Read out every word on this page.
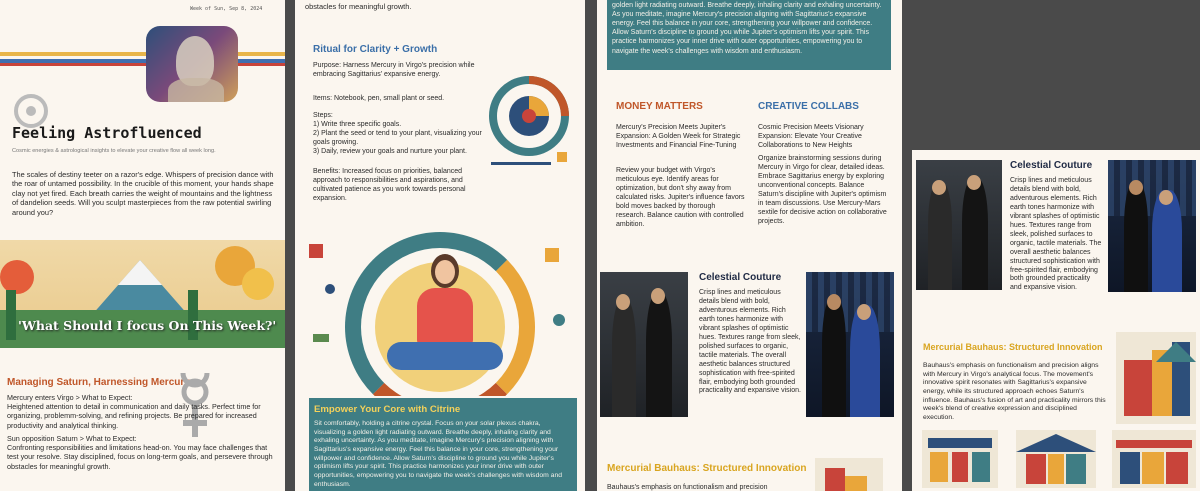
Week of Sun, Sep 8, 2024
Feeling Astrofluenced
Cosmic energies & astrological insights to elevate your creative flow all week long.
The scales of destiny teeter on a razor's edge. Whispers of precision dance with the roar of untamed possibility. In the crucible of this moment, your hands shape clay not yet fired. Each breath carries the weight of mountains and the lightness of dandelion seeds. Will you sculpt masterpieces from the raw potential swirling around you?
'What Should I focus On This Week?'
Managing Saturn, Harnessing Mercury
Mercury enters Virgo > What to Expect:
Heightened attention to detail in communication and daily tasks. Perfect time for organizing, problemm-solving, and refining projects. Be prepared for increased productivity and analytical thinking.
Sun opposition Saturn > What to Expect:
Confronting responsibilities and limitations head-on. You may face challenges that test your resolve. Stay disciplined, focus on long-term goals, and persevere through obstacles for meaningful growth.
obstacles for meaningful growth.
Ritual for Clarity + Growth
Purpose: Harness Mercury in Virgo's precision while embracing Sagittarius' expansive energy.
Items: Notebook, pen, small plant or seed.
Steps:
1) Write three specific goals.
2) Plant the seed or tend to your plant, visualizing your goals growing.
3) Daily, review your goals and nurture your plant.
Benefits: Increased focus on priorities, balanced approach to responsibilities and aspirations, and cultivated patience as you work towards personal expansion.
Empower Your Core with Citrine
Sit comfortably, holding a citrine crystal. Focus on your solar plexus chakra, visualizing a golden light radiating outward. Breathe deeply, inhaling clarity and exhaling uncertainty. As you meditate, imagine Mercury's precision aligning with Sagittarius's expansive energy. Feel this balance in your core, strengthening your willpower and confidence. Allow Saturn's discipline to ground you while Jupiter's optimism lifts your spirit. This practice harmonizes your inner drive with outer opportunities, empowering you to navigate the week's challenges with wisdom and enthusiasm.
golden light radiating outward. Breathe deeply, inhaling clarity and exhaling uncertainty. As you meditate, imagine Mercury's precision aligning with Sagittarius's expansive energy. Feel this balance in your core, strengthening your willpower and confidence. Allow Saturn's discipline to ground you while Jupiter's optimism lifts your spirit. This practice harmonizes your inner drive with outer opportunities, empowering you to navigate the week's challenges with wisdom and enthusiasm.
MONEY MATTERS
Mercury's Precision Meets Jupiter's Expansion: A Golden Week for Strategic Investments and Financial Fine-Tuning
Review your budget with Virgo's meticulous eye. Identify areas for optimization, but don't shy away from calculated risks. Jupiter's influence favors bold moves backed by thorough research. Balance caution with controlled ambition.
CREATIVE COLLABS
Cosmic Precision Meets Visionary Expansion: Elevate Your Creative Collaborations to New Heights
Organize brainstorming sessions during Mercury in Virgo for clear, detailed ideas. Embrace Sagittarius energy by exploring unconventional concepts. Balance Saturn's discipline with Jupiter's optimism in team discussions. Use Mercury-Mars sextile for decisive action on collaborative projects.
Celestial Couture
Crisp lines and meticulous details blend with bold, adventurous elements. Rich earth tones harmonize with vibrant splashes of optimistic hues. Textures range from sleek, polished surfaces to organic, tactile materials. The overall aesthetic balances structured sophistication with free-spirited flair, embodying both grounded practicality and expansive vision.
Mercurial Bauhaus: Structured Innovation
Bauhaus's emphasis on functionalism and precision
Celestial Couture
Crisp lines and meticulous details blend with bold, adventurous elements. Rich earth tones harmonize with vibrant splashes of optimistic hues. Textures range from sleek, polished surfaces to organic, tactile materials. The overall aesthetic balances structured sophistication with free-spirited flair, embodying both grounded practicality and expansive vision.
Mercurial Bauhaus: Structured Innovation
Bauhaus's emphasis on functionalism and precision aligns with Mercury in Virgo's analytical focus. The movement's innovative spirit resonates with Sagittarius's expansive energy, while its structured approach echoes Saturn's influence. Bauhaus's fusion of art and practicality mirrors this week's blend of creative expression and disciplined execution.
